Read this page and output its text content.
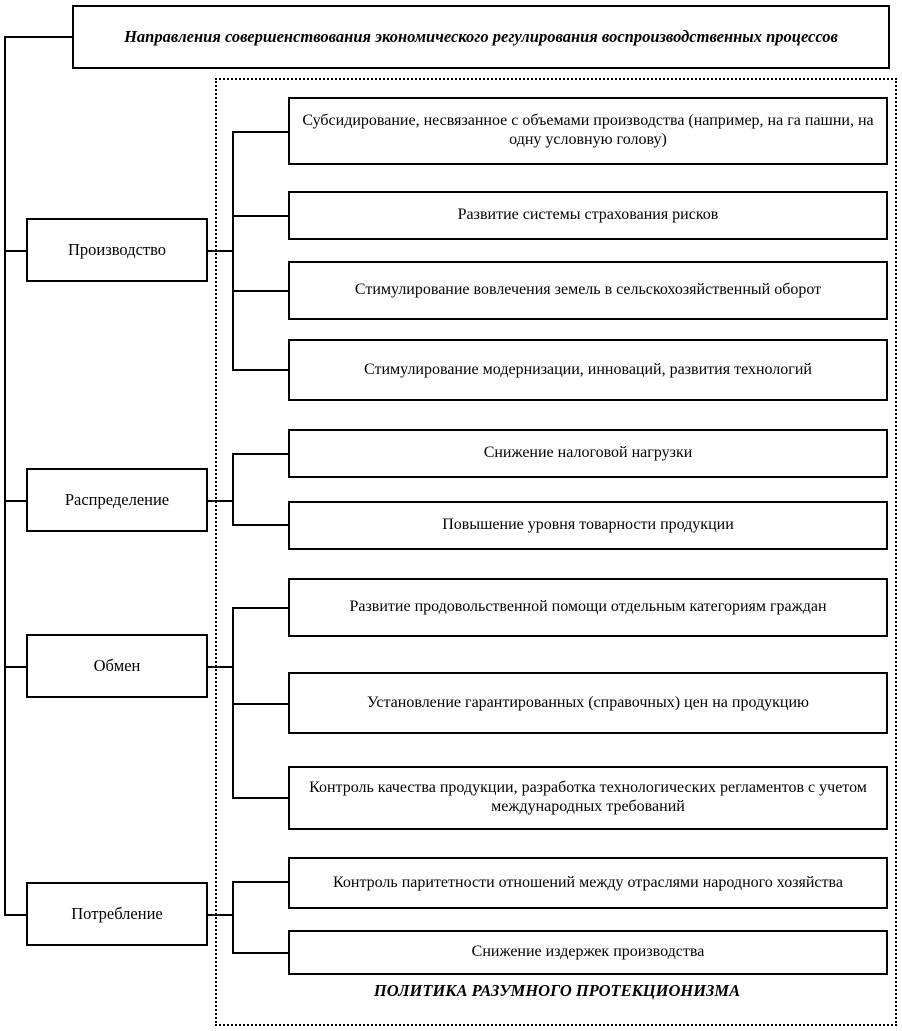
Направления совершенствования экономического регулирования воспроизводственных процессов
Производство
Распределение
Обмен
Потребление
Субсидирование, несвязанное с объемами производства (например, на га пашни, на одну условную голову)
Развитие системы страхования рисков
Стимулирование вовлечения земель в сельскохозяйственный оборот
Стимулирование модернизации, инноваций, развития технологий
Снижение налоговой нагрузки
Повышение уровня товарности продукции
Развитие продовольственной помощи отдельным категориям граждан
Установление гарантированных (справочных) цен на продукцию
Контроль качества продукции, разработка технологических регламентов с учетом международных требований
Контроль паритетности отношений между отраслями народного хозяйства
Снижение издержек производства
ПОЛИТИКА РАЗУМНОГО ПРОТЕКЦИОНИЗМА
